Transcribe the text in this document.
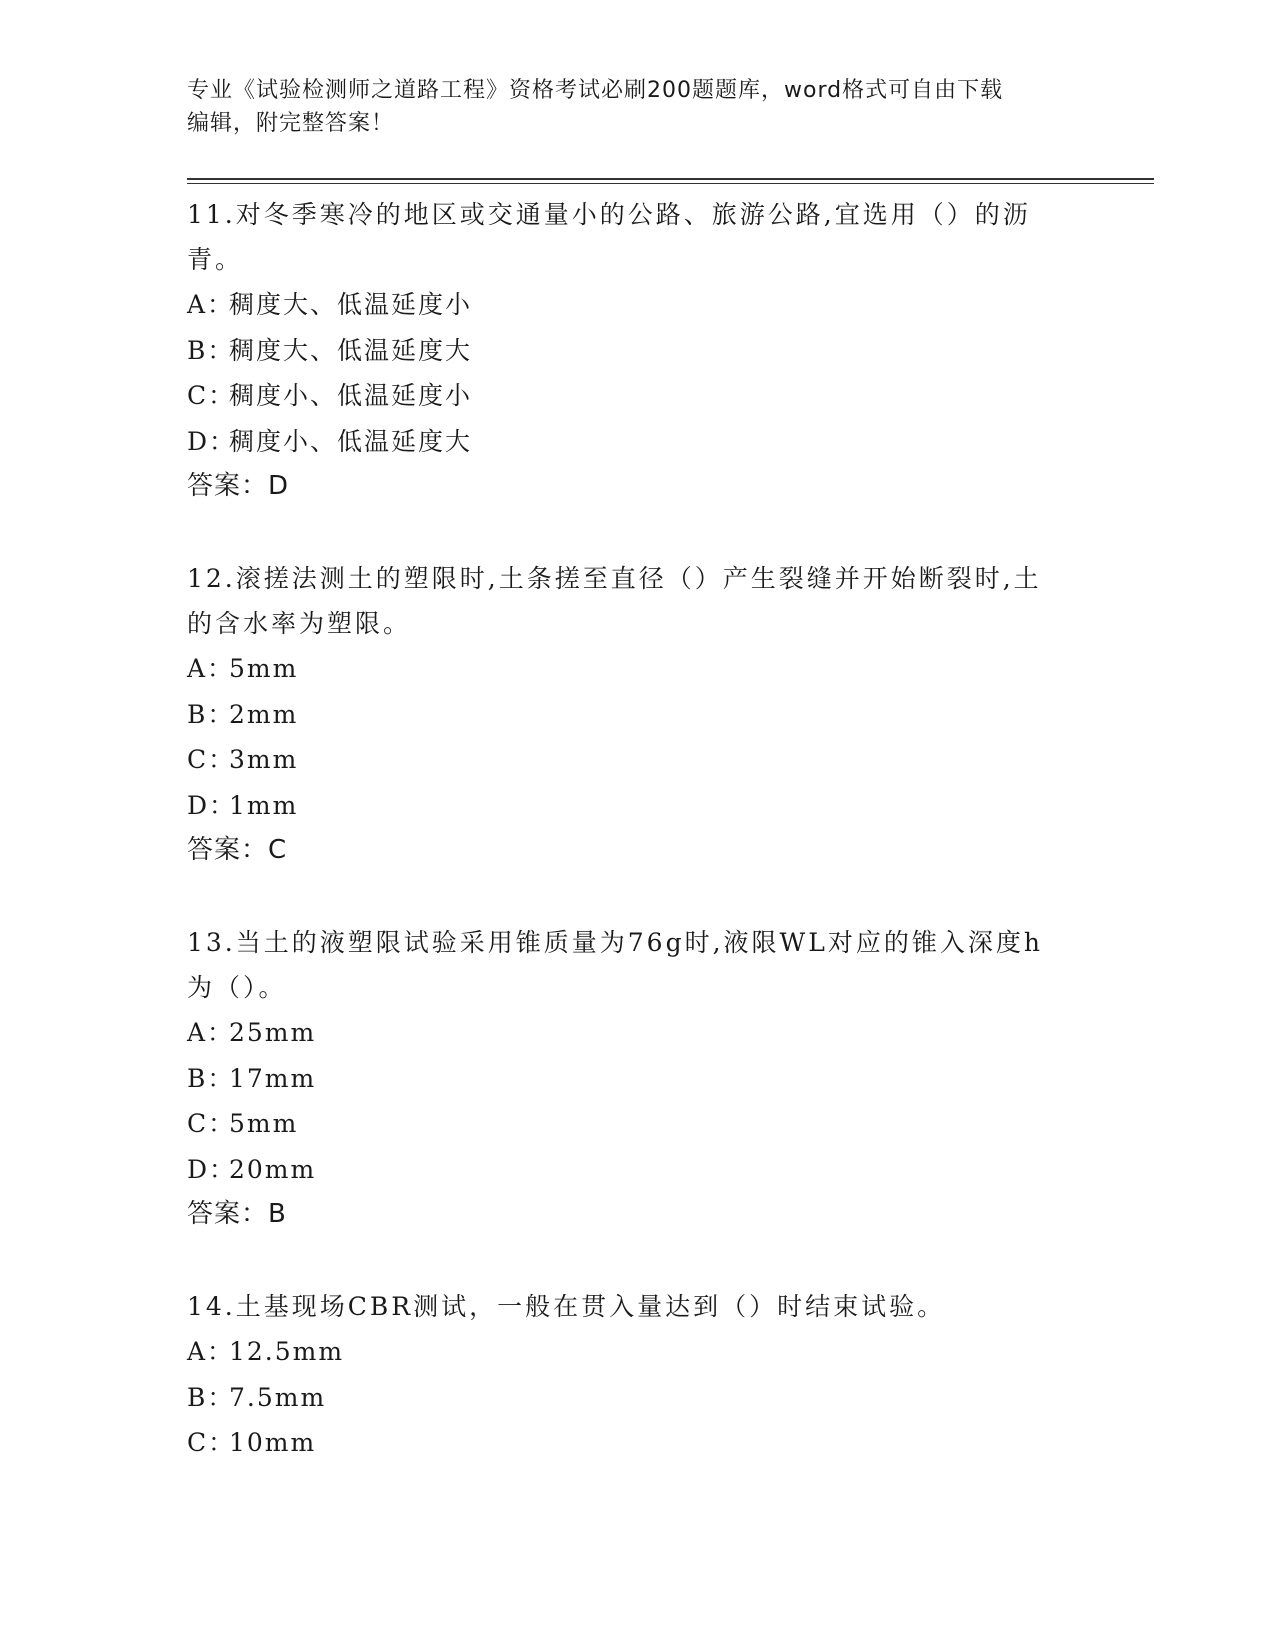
专业《试验检测师之道路工程》资格考试必刷200题题库，word格式可自由下载
编辑，附完整答案！

11.对冬季寒冷的地区或交通量小的公路、旅游公路,宜选用（）的沥
青。

A：稠度大、低温延度小

B：稠度大、低温延度大

C：稠度小、低温延度小

D：稠度小、低温延度大

答案：D

12.滚搓法测土的塑限时,土条搓至直径（）产生裂缝并开始断裂时,土
的含水率为塑限。

A：5mm

B：2mm

C：3mm

D：1mm

答案：C

13.当土的液塑限试验采用锥质量为76g时,液限WL对应的锥入深度h
为（）。

A：25mm

B：17mm

C：5mm

D：20mm

答案：B

14.土基现场CBR测试，一般在贯入量达到（）时结束试验。

A：12.5mm

B：7.5mm

C：10mm
